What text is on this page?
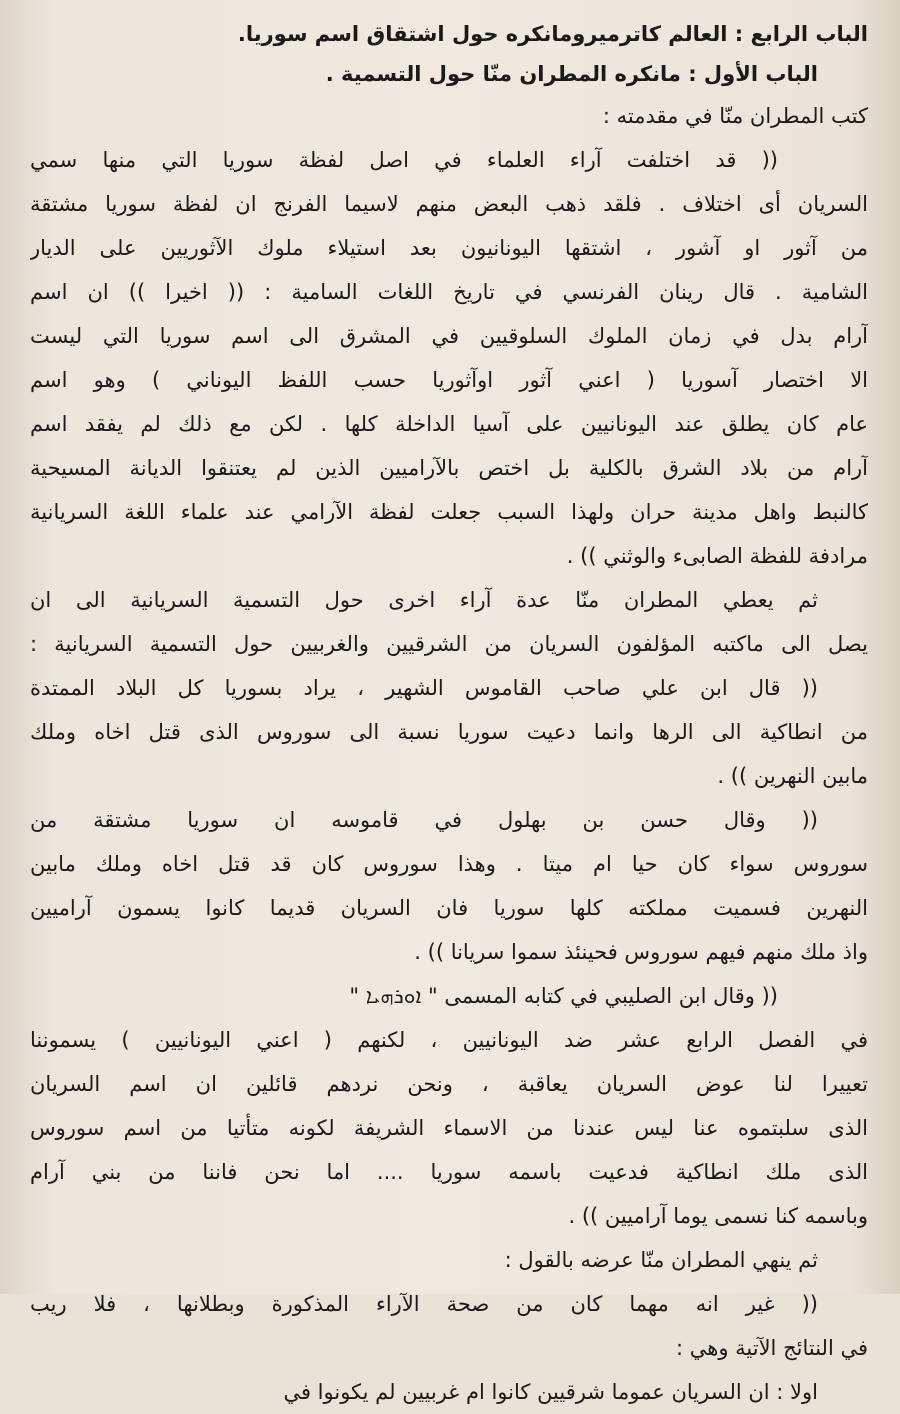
الباب الرابع : العالم كاترميرومانكره حول اشتقاق اسم سوريا.
الباب الأول : مانكره المطران منّا حول التسمية .
كتب المطران منّا في مقدمته :
(( قد اختلفت آراء العلماء في اصل لفظة سوريا التي منها سمي
السريان أى اختلاف . فلقد ذهب البعض منهم لاسيما الفرنج ان لفظة سوريا مشتقة
من آثور او آشور ، اشتقها اليونانيون بعد استيلاء ملوك الآثوريين على الديار
الشامية . قال رينان الفرنسي في تاريخ اللغات السامية : (( اخيرا )) ان اسم
آرام بدل في زمان الملوك السلوقيين في المشرق الى اسم سوريا التي ليست
الا اختصار آسوريا ( اعني آثور اوآثوريا حسب اللفظ اليوناني ) وهو اسم
عام كان يطلق عند اليونانيين على آسيا الداخلة كلها . لكن مع ذلك لم يفقد اسم
آرام من بلاد الشرق بالكلية بل اختص بالآراميين الذين لم يعتنقوا الديانة المسيحية
كالنبط واهل مدينة حران ولهذا السبب جعلت لفظة الآرامي عند علماء اللغة السريانية
مرادفة للفظة الصابىء والوثني )) .
ثم يعطي المطران منّا عدة آراء اخرى حول التسمية السريانية الى ان
يصل الى ماكتبه المؤلفون السريان من الشرقيين والغربيين حول التسمية السريانية :
(( قال ابن علي صاحب القاموس الشهير ، يراد بسوريا كل البلاد الممتدة
من انطاكية الى الرها وانما دعيت سوريا نسبة الى سوروس الذى قتل اخاه وملك
مابين النهرين )) .
(( وقال حسن بن بهلول في قاموسه ان سوريا مشتقة من
سوروس سواء كان حيا ام ميتا . وهذا سوروس كان قد قتل اخاه وملك مابين
النهرين فسميت مملكته كلها سوريا فان السريان قديما كانوا يسمون آراميين
واذ ملك منهم فيهم سوروس فحينئذ سموا سريانا )) .
(( وقال ابن الصليبي في كتابه المسمى " ܐܘܪܗܝܐ "
في الفصل الرابع عشر ضد اليونانيين ، لكنهم ( اعني اليونانيين ) يسموننا
تعييرا لنا عوض السريان يعاقبة ، ونحن نردهم قائلين ان اسم السريان
الذى سلبتموه عنا ليس عندنا من الاسماء الشريفة لكونه متأتيا من اسم سوروس
الذى ملك انطاكية فدعيت باسمه سوريا .... اما نحن فاننا من بني آرام
وباسمه كنا نسمى يوما آراميين )) .
ثم ينهي المطران منّا عرضه بالقول :
(( غير انه مهما كان من صحة الآراء المذكورة وبطلانها ، فلا ريب
في النتائج الآتية وهي :
اولا : ان السريان عموما شرقيين كانوا ام غربيين لم يكونوا في
